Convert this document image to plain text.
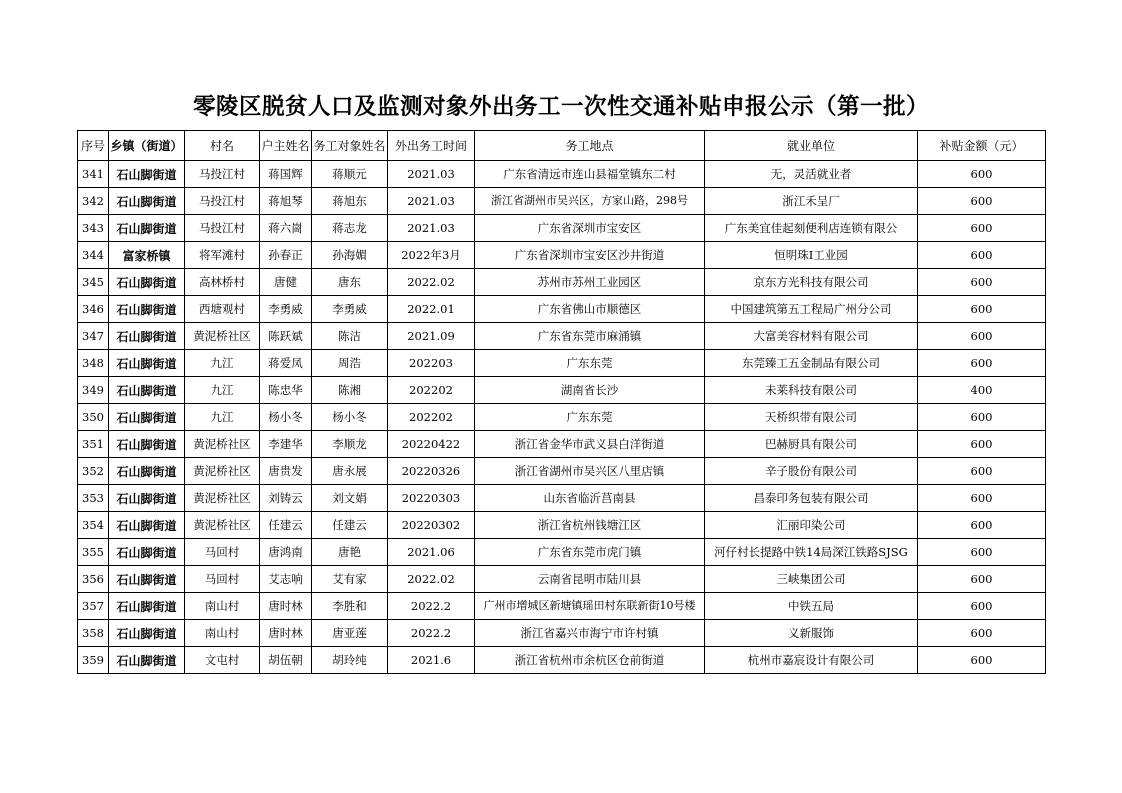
零陵区脱贫人口及监测对象外出务工一次性交通补贴申报公示（第一批）
序号	乡镇（街道）	村名	户主姓名	务工对象姓名	外出务工时间	务工地点	就业单位	补贴金额（元）
341	石山脚街道	马投江村	蒋国辉	蒋顺元	2021.03	广东省清远市连山县福堂镇东二村	无，灵活就业者	600
342	石山脚街道	马投江村	蒋旭琴	蒋旭东	2021.03	浙江省湖州市吴兴区，方家山路，298号	浙江禾呈厂	600
343	石山脚街道	马投江村	蒋六崗	蒋志龙	2021.03	广东省深圳市宝安区	广东美宜佳起刻便利店连锁有限公	600
344	富家桥镇	将军滩村	孙春正	孙海媚	2022年3月	广东省深圳市宝安区沙井街道	恒明珠I工业园	600
345	石山脚街道	高林桥村	唐健	唐东	2022.02	苏州市苏州工业园区	京东方光科技有限公司	600
346	石山脚街道	西塘观村	李勇威	李勇威	2022.01	广东省佛山市顺德区	中国建筑第五工程局广州分公司	600
347	石山脚街道	黄泥桥社区	陈跃斌	陈洁	2021.09	广东省东莞市麻涌镇	大富美容材料有限公司	600
348	石山脚街道	九江	蒋爱凤	周浩	202203	广东东莞	东莞臻工五金制品有限公司	600
349	石山脚街道	九江	陈忠华	陈湘	202202	湖南省长沙	未莱科技有限公司	400
350	石山脚街道	九江	杨小冬	杨小冬	202202	广东东莞	天桥织带有限公司	600
351	石山脚街道	黄泥桥社区	李建华	李顺龙	20220422	浙江省金华市武义县白洋街道	巴赫厨具有限公司	600
352	石山脚街道	黄泥桥社区	唐贵发	唐永展	20220326	浙江省湖州市吴兴区八里店镇	辛子股份有限公司	600
353	石山脚街道	黄泥桥社区	刘铸云	刘文娟	20220303	山东省临沂莒南县	昌泰印务包装有限公司	600
354	石山脚街道	黄泥桥社区	任建云	任建云	20220302	浙江省杭州钱塘江区	汇丽印染公司	600
355	石山脚街道	马回村	唐鸿南	唐艳	2021.06	广东省东莞市虎门镇	河仔村长提路中铁14局深江铁路SJSG	600
356	石山脚街道	马回村	艾志响	艾有家	2022.02	云南省昆明市陆川县	三峡集团公司	600
357	石山脚街道	南山村	唐时林	李胜和	2022.2	广州市增城区新塘镇瑶田村东联新街10号楼	中铁五局	600
358	石山脚街道	南山村	唐时林	唐亚莲	2022.2	浙江省嘉兴市海宁市许村镇	义新服饰	600
359	石山脚街道	文屯村	胡伍朝	胡玲纯	2021.6	浙江省杭州市余杭区仓前街道	杭州市嘉宸设计有限公司	600
